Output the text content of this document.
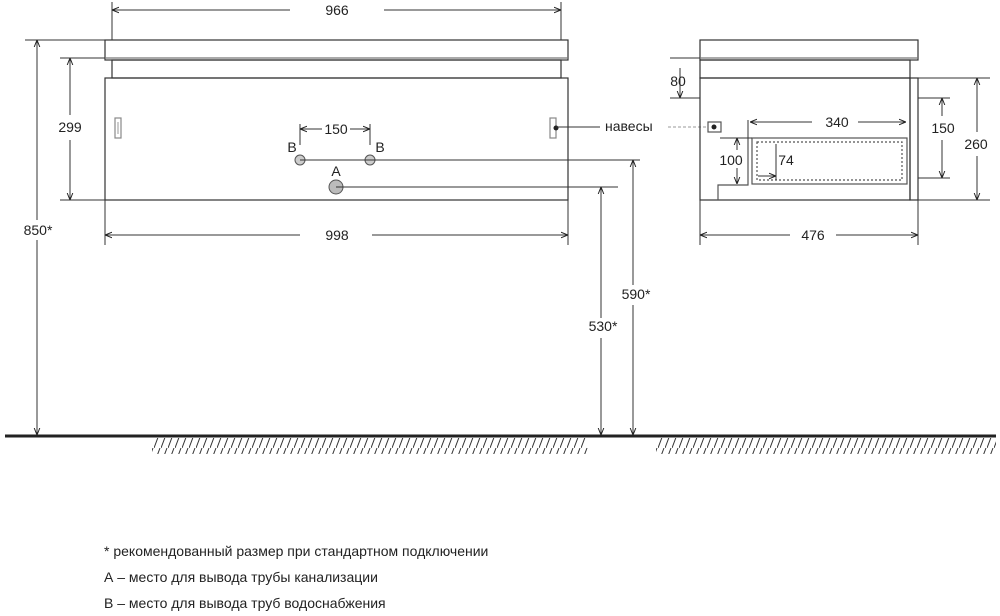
966
998
299
850*
150
B	B
A
навесы
590*
530*
80
476
340	150
260
100	74
* рекомендованный размер при стандартном подключении
А – место для вывода трубы канализации
В – место для вывода труб водоснабжения
